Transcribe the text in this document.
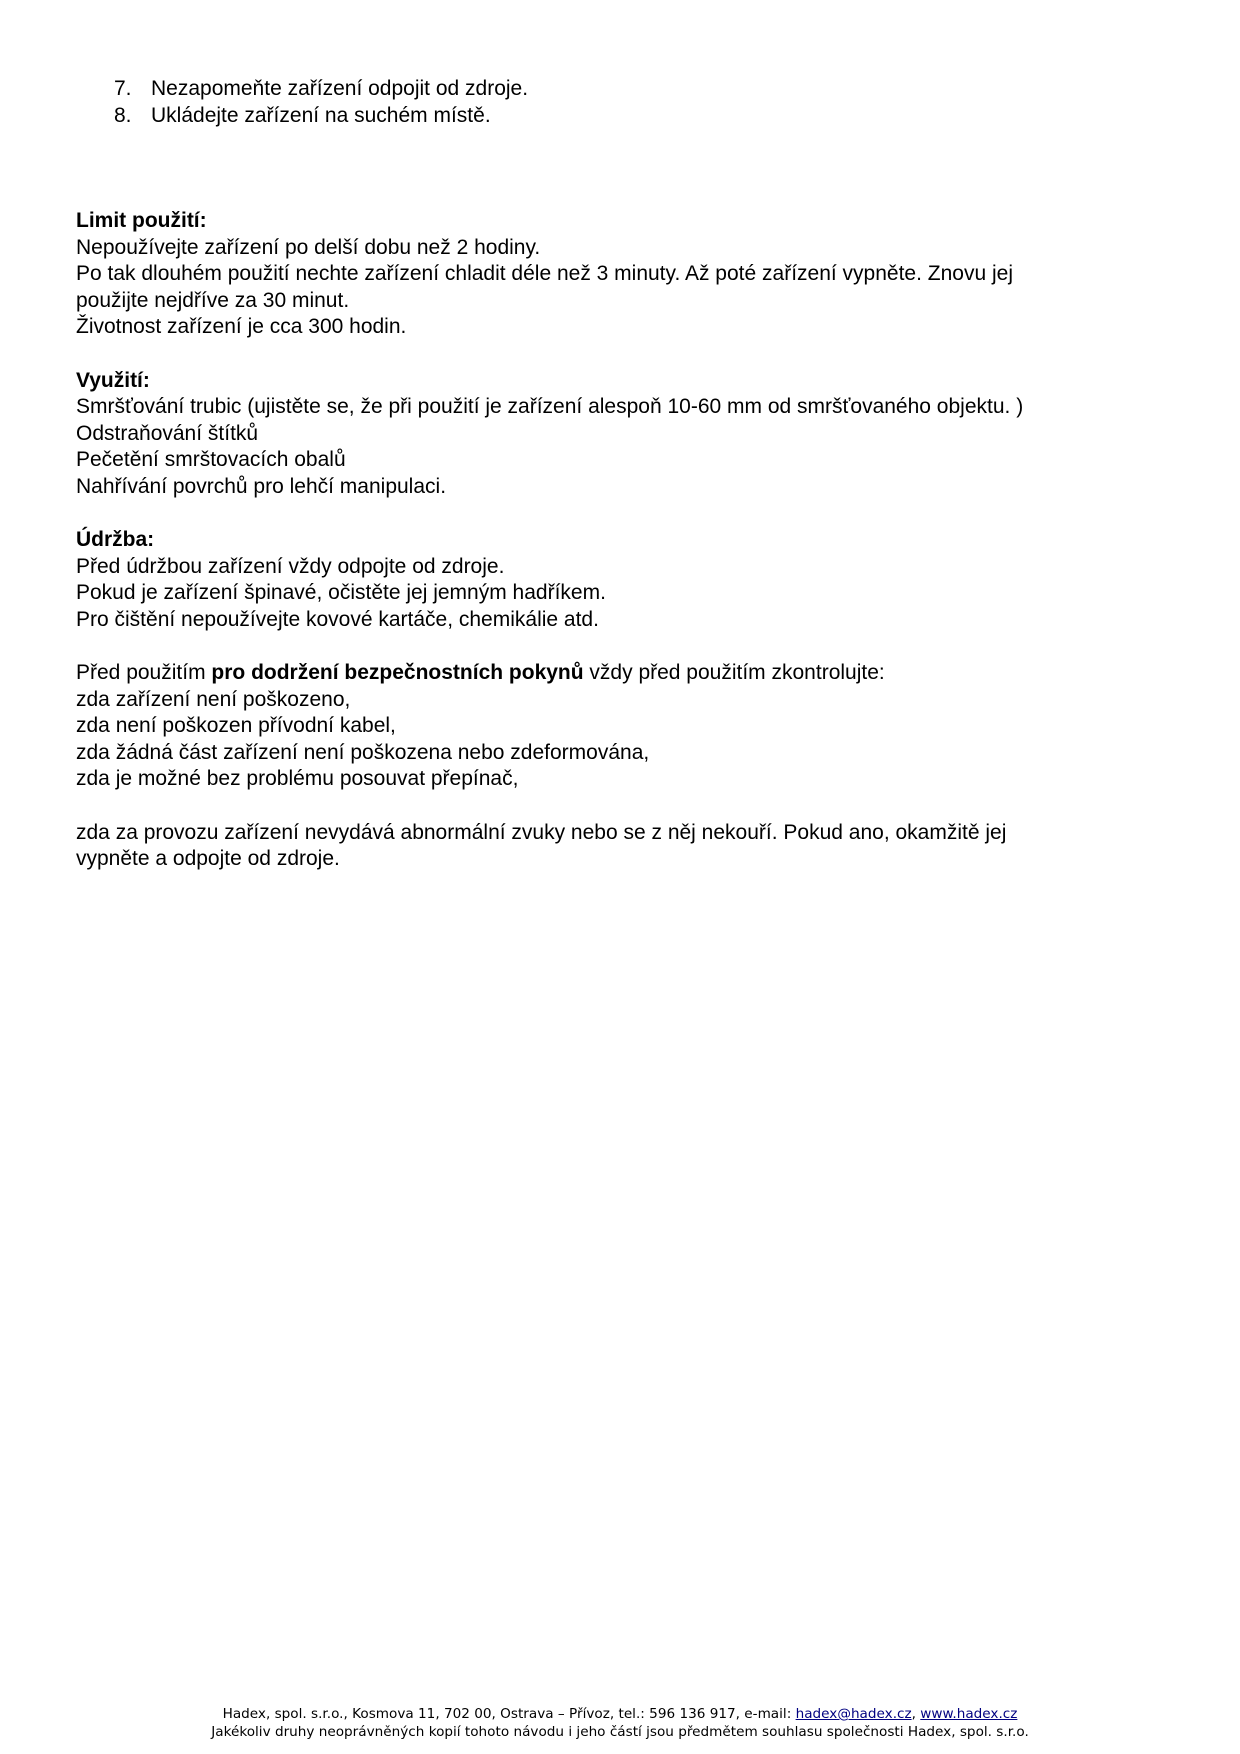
7. Nezapomeňte zařízení odpojit od zdroje.
8. Ukládejte zařízení na suchém místě.
Limit použití:
Nepoužívejte zařízení po delší dobu než 2 hodiny.
Po tak dlouhém použití nechte zařízení chladit déle než 3 minuty. Až poté zařízení vypněte. Znovu jej
použijte nejdříve za 30 minut.
Životnost zařízení je cca 300 hodin.
Využití:
Smršťování trubic (ujistěte se, že při použití je zařízení alespoň 10-60 mm od smršťovaného objektu. )
Odstraňování štítků
Pečetění smrštovacích obalů
Nahřívání povrchů pro lehčí manipulaci.
Údržba:
Před údržbou zařízení vždy odpojte od zdroje.
Pokud je zařízení špinavé, očistěte jej jemným hadříkem.
Pro čištění nepoužívejte kovové kartáče, chemikálie atd.
Před použitím pro dodržení bezpečnostních pokynů vždy před použitím zkontrolujte:
zda zařízení není poškozeno,
zda není poškozen přívodní kabel,
zda žádná část zařízení není poškozena nebo zdeformována,
zda je možné bez problému posouvat přepínač,
zda za provozu zařízení nevydává abnormální zvuky nebo se z něj nekouří. Pokud ano, okamžitě jej
vypněte a odpojte od zdroje.
Hadex, spol. s.r.o., Kosmova 11, 702 00, Ostrava – Přívoz, tel.: 596 136 917, e-mail: hadex@hadex.cz, www.hadex.cz
Jakékoliv druhy neoprávněných kopií tohoto návodu i jeho částí jsou předmětem souhlasu společnosti Hadex, spol. s.r.o.
